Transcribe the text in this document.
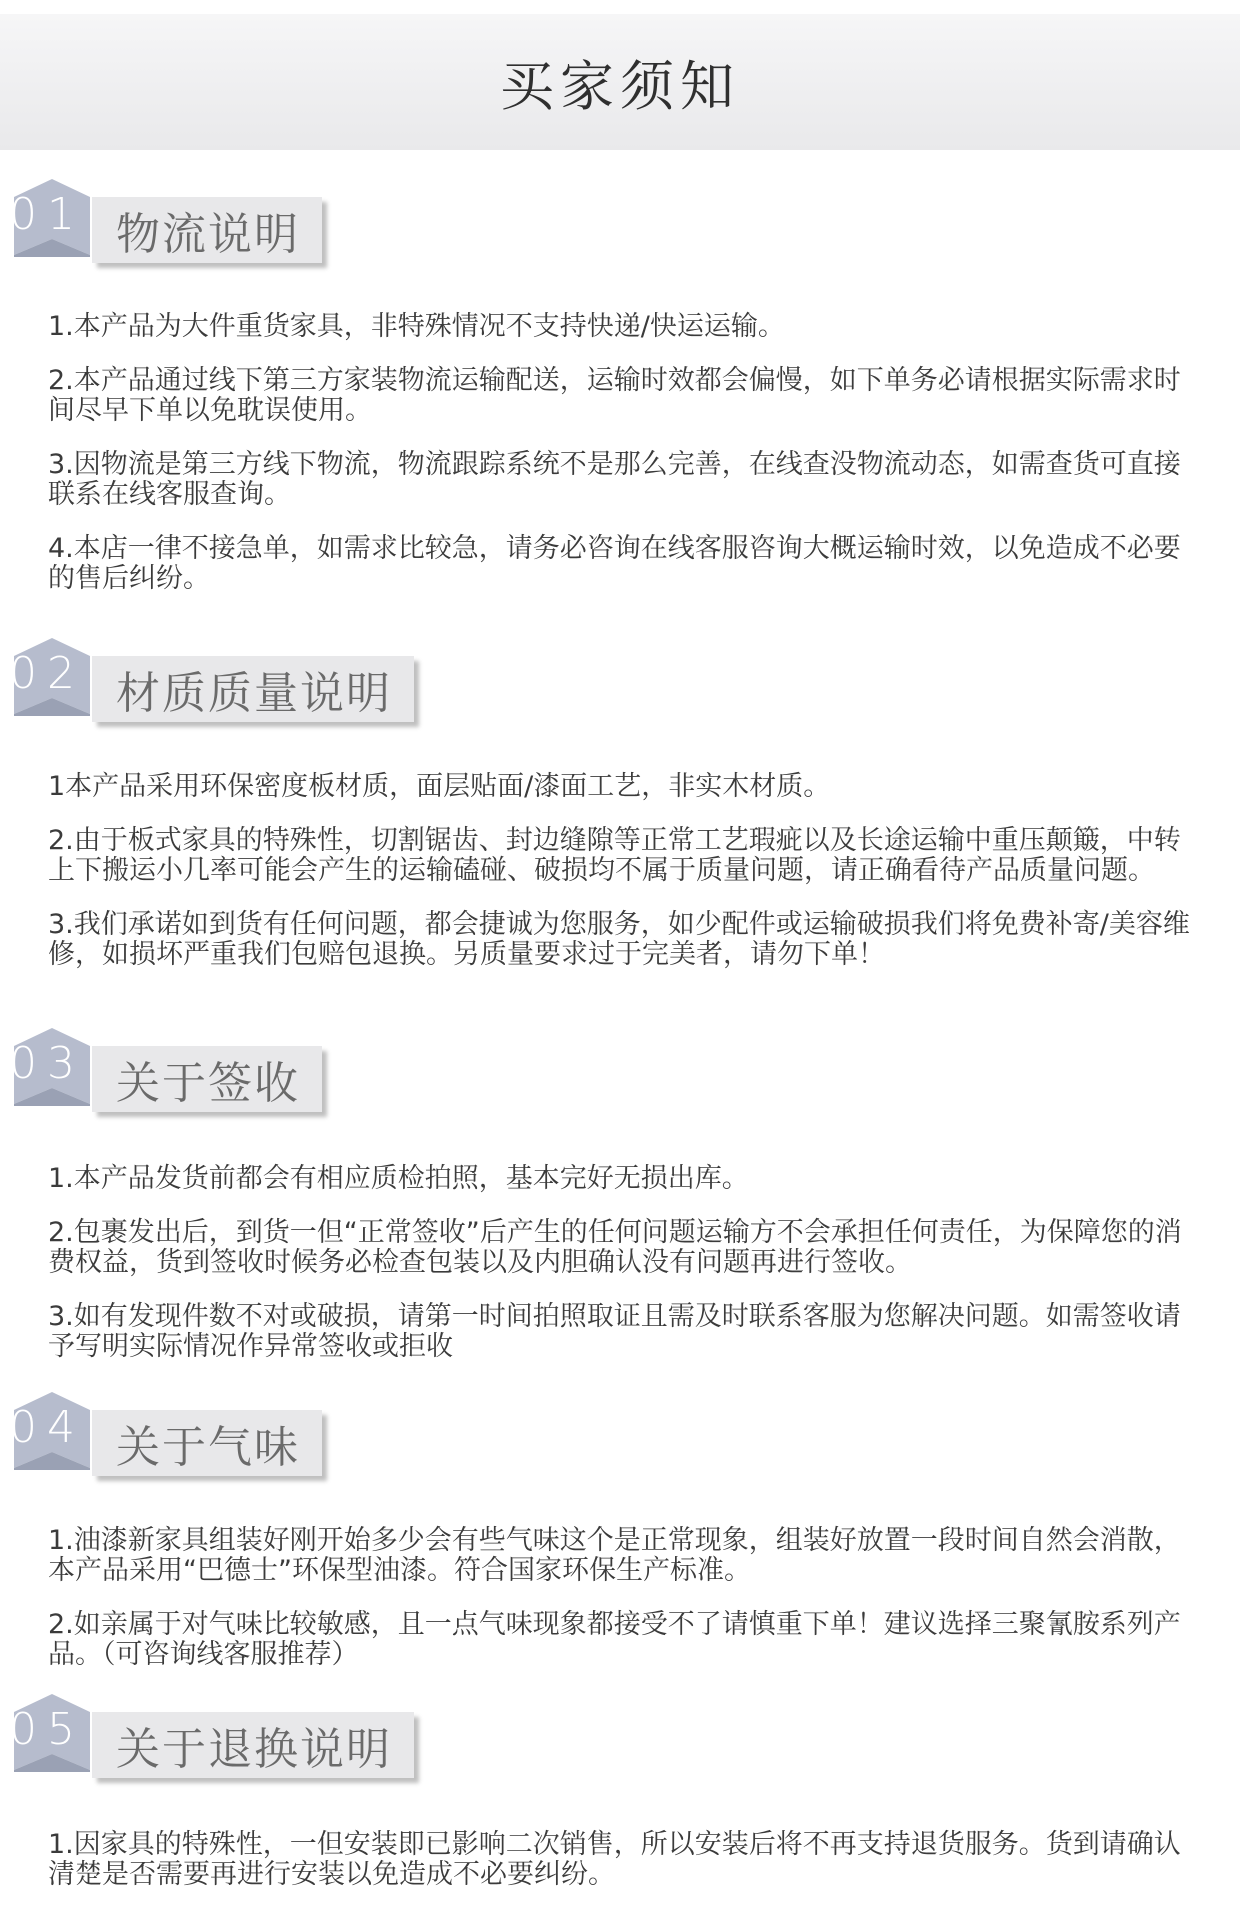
买家须知
01 物流说明

1.本产品为大件重货家具，非特殊情况不支持快递/快运运输。

2.本产品通过线下第三方家装物流运输配送，运输时效都会偏慢，如下单务必请根据实际需求时间尽早下单以免耽误使用。

3.因物流是第三方线下物流，物流跟踪系统不是那么完善，在线查没物流动态，如需查货可直接联系在线客服查询。

4.本店一律不接急单，如需求比较急，请务必咨询在线客服咨询大概运输时效，以免造成不必要的售后纠纷。

02 材质质量说明

1本产品采用环保密度板材质，面层贴面/漆面工艺，非实木材质。

2.由于板式家具的特殊性，切割锯齿、封边缝隙等正常工艺瑕疵以及长途运输中重压颠簸，中转上下搬运小几率可能会产生的运输磕碰、破损均不属于质量问题，请正确看待产品质量问题。

3.我们承诺如到货有任何问题，都会捷诚为您服务，如少配件或运输破损我们将免费补寄/美容维修，如损坏严重我们包赔包退换。另质量要求过于完美者，请勿下单！

03 关于签收

1.本产品发货前都会有相应质检拍照，基本完好无损出库。

2.包裹发出后，到货一但“正常签收”后产生的任何问题运输方不会承担任何责任，为保障您的消费权益，货到签收时候务必检查包装以及内胆确认没有问题再进行签收。

3.如有发现件数不对或破损，请第一时间拍照取证且需及时联系客服为您解决问题。如需签收请予写明实际情况作异常签收或拒收

04 关于气味

1.油漆新家具组装好刚开始多少会有些气味这个是正常现象，组装好放置一段时间自然会消散，本产品采用“巴德士”环保型油漆。符合国家环保生产标准。

2.如亲属于对气味比较敏感，且一点气味现象都接受不了请慎重下单！建议选择三聚氰胺系列产品。（可咨询线客服推荐）

05 关于退换说明

1.因家具的特殊性，一但安装即已影响二次销售，所以安装后将不再支持退货服务。货到请确认清楚是否需要再进行安装以免造成不必要纠纷。
